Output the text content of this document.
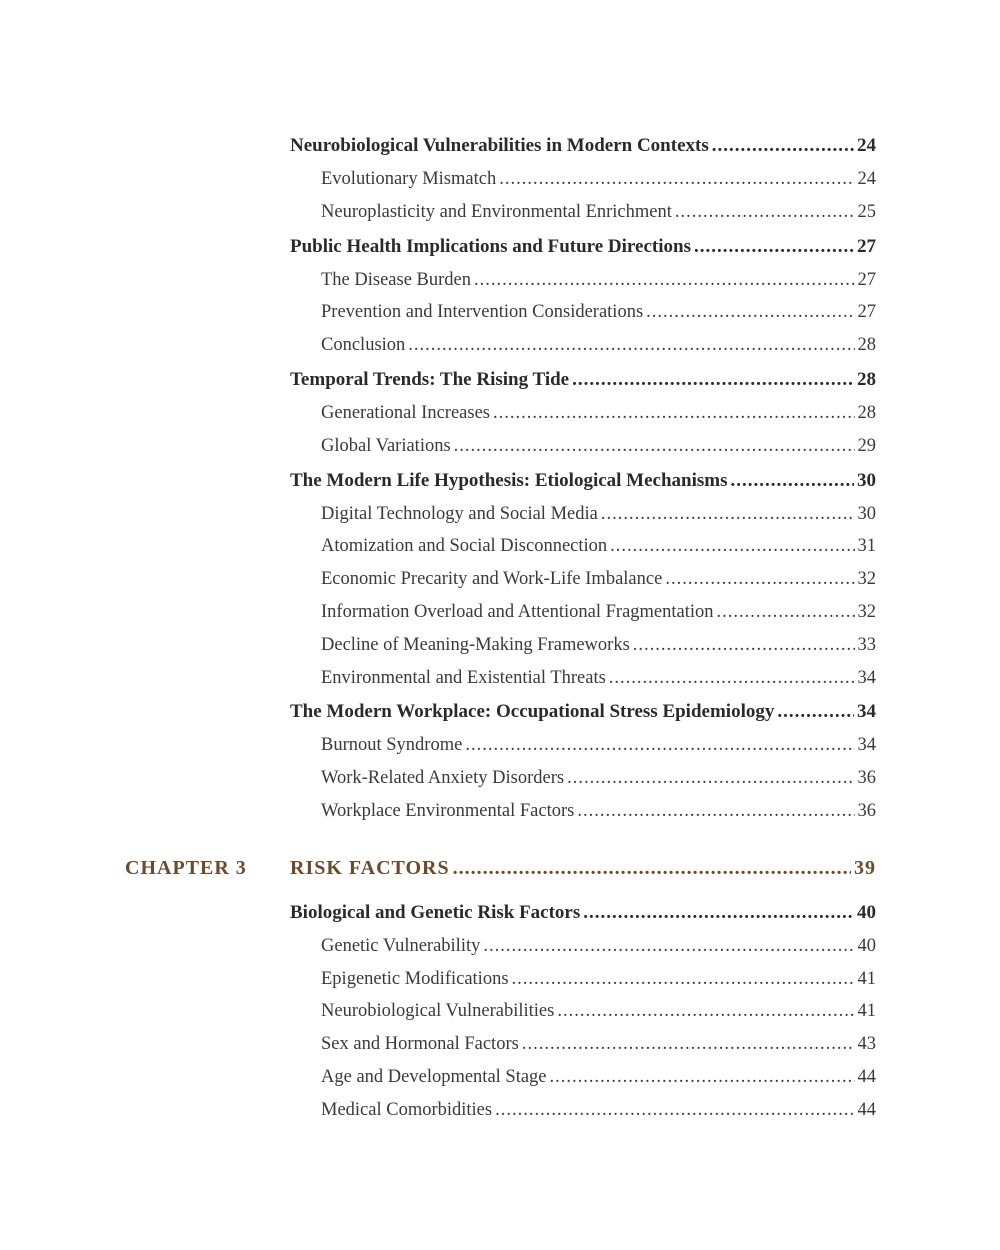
Neurobiological Vulnerabilities in Modern Contexts .....	24
Evolutionary Mismatch .....	24
Neuroplasticity and Environmental Enrichment .....	25
Public Health Implications and Future Directions .....	27
The Disease Burden .....	27
Prevention and Intervention Considerations .....	27
Conclusion .....	28
Temporal Trends: The Rising Tide .....	28
Generational Increases .....	28
Global Variations .....	29
The Modern Life Hypothesis: Etiological Mechanisms .....	30
Digital Technology and Social Media .....	30
Atomization and Social Disconnection .....	31
Economic Precarity and Work-Life Imbalance .....	32
Information Overload and Attentional Fragmentation .....	32
Decline of Meaning-Making Frameworks .....	33
Environmental and Existential Threats .....	34
The Modern Workplace: Occupational Stress Epidemiology .....	34
Burnout Syndrome .....	34
Work-Related Anxiety Disorders .....	36
Workplace Environmental Factors .....	36
CHAPTER 3 RISK FACTORS .....	39
Biological and Genetic Risk Factors .....	40
Genetic Vulnerability .....	40
Epigenetic Modifications .....	41
Neurobiological Vulnerabilities .....	41
Sex and Hormonal Factors .....	43
Age and Developmental Stage .....	44
Medical Comorbidities .....	44
